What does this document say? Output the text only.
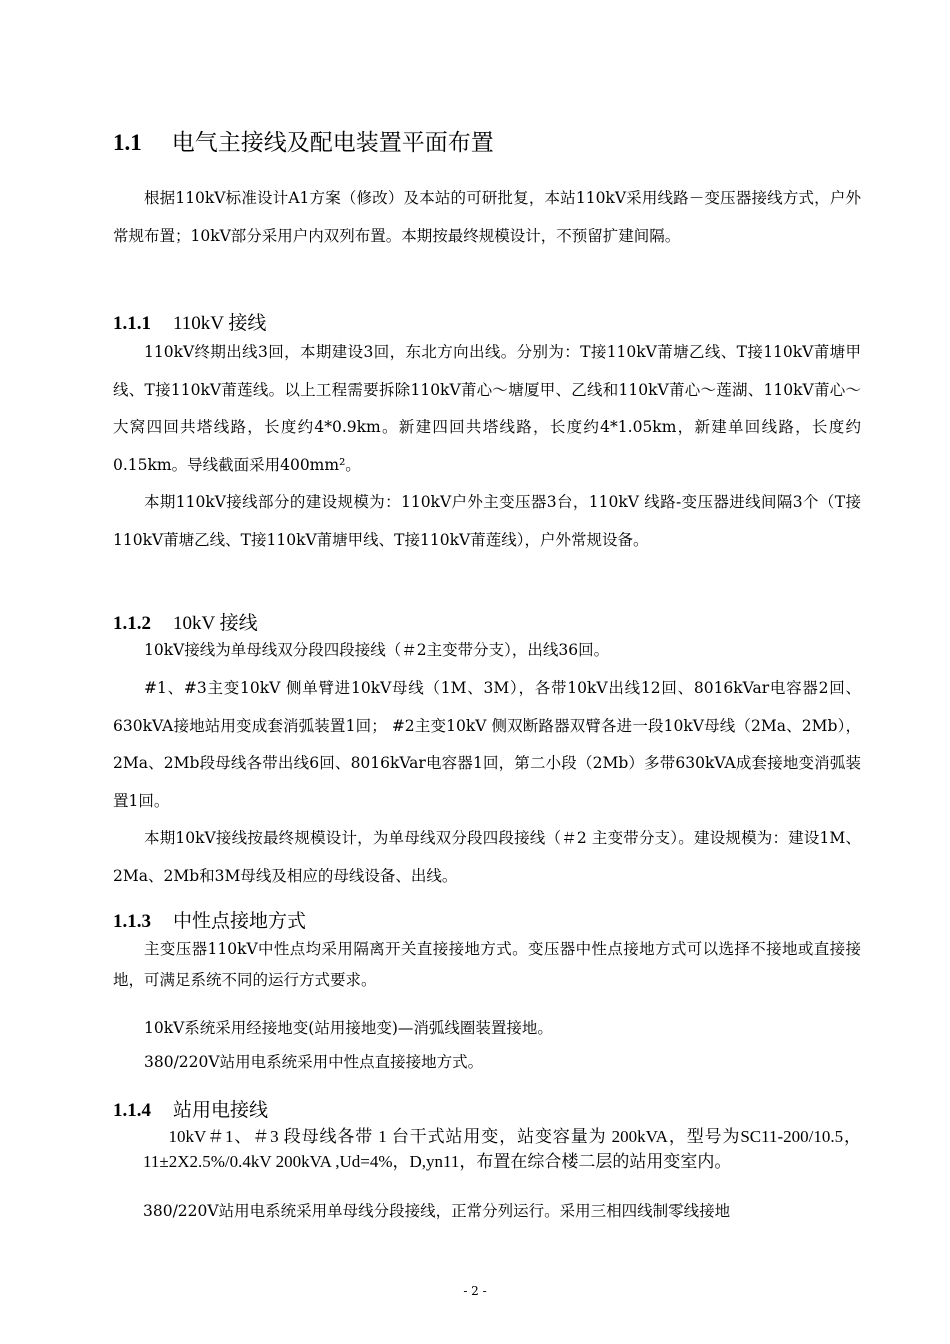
1.1 电气主接线及配电装置平面布置
根据110kV标准设计A1方案（修改）及本站的可研批复，本站110kV采用线路－变压器接线方式，户外常规布置；10kV部分采用户内双列布置。本期按最终规模设计，不预留扩建间隔。
1.1.1 110kV 接线
110kV终期出线3回，本期建设3回，东北方向出线。分别为：T接110kV莆塘乙线、T接110kV莆塘甲线、T接110kV莆莲线。以上工程需要拆除110kV莆心～塘厦甲、乙线和110kV莆心～莲湖、110kV莆心～大窝四回共塔线路，长度约4*0.9km。新建四回共塔线路，长度约4*1.05km，新建单回线路，长度约0.15km。导线截面采用400mm²。
本期110kV接线部分的建设规模为：110kV户外主变压器3台，110kV 线路-变压器进线间隔3个（T接110kV莆塘乙线、T接110kV莆塘甲线、T接110kV莆莲线），户外常规设备。
1.1.2 10kV 接线
10kV接线为单母线双分段四段接线（＃2主变带分支），出线36回。
#1、#3主变10kV 侧单臂进10kV母线（1M、3M），各带10kV出线12回、8016kVar电容器2回、630kVA接地站用变成套消弧装置1回； #2主变10kV 侧双断路器双臂各进一段10kV母线（2Ma、2Mb），2Ma、2Mb段母线各带出线6回、8016kVar电容器1回，第二小段（2Mb）多带630kVA成套接地变消弧装置1回。
本期10kV接线按最终规模设计，为单母线双分段四段接线（＃2 主变带分支）。建设规模为：建设1M、2Ma、2Mb和3M母线及相应的母线设备、出线。
1.1.3 中性点接地方式
主变压器110kV中性点均采用隔离开关直接接地方式。变压器中性点接地方式可以选择不接地或直接接地，可满足系统不同的运行方式要求。
10kV系统采用经接地变(站用接地变)—消弧线圈装置接地。
380/220V站用电系统采用中性点直接接地方式。
1.1.4 站用电接线
10kV＃1、＃3 段母线各带 1 台干式站用变，站变容量为 200kVA，型号为SC11-200/10.5，11±2X2.5%/0.4kV 200kVA ,Ud=4%，D,yn11，布置在综合楼二层的站用变室内。
380/220V站用电系统采用单母线分段接线，正常分列运行。采用三相四线制零线接地
- 2 -
